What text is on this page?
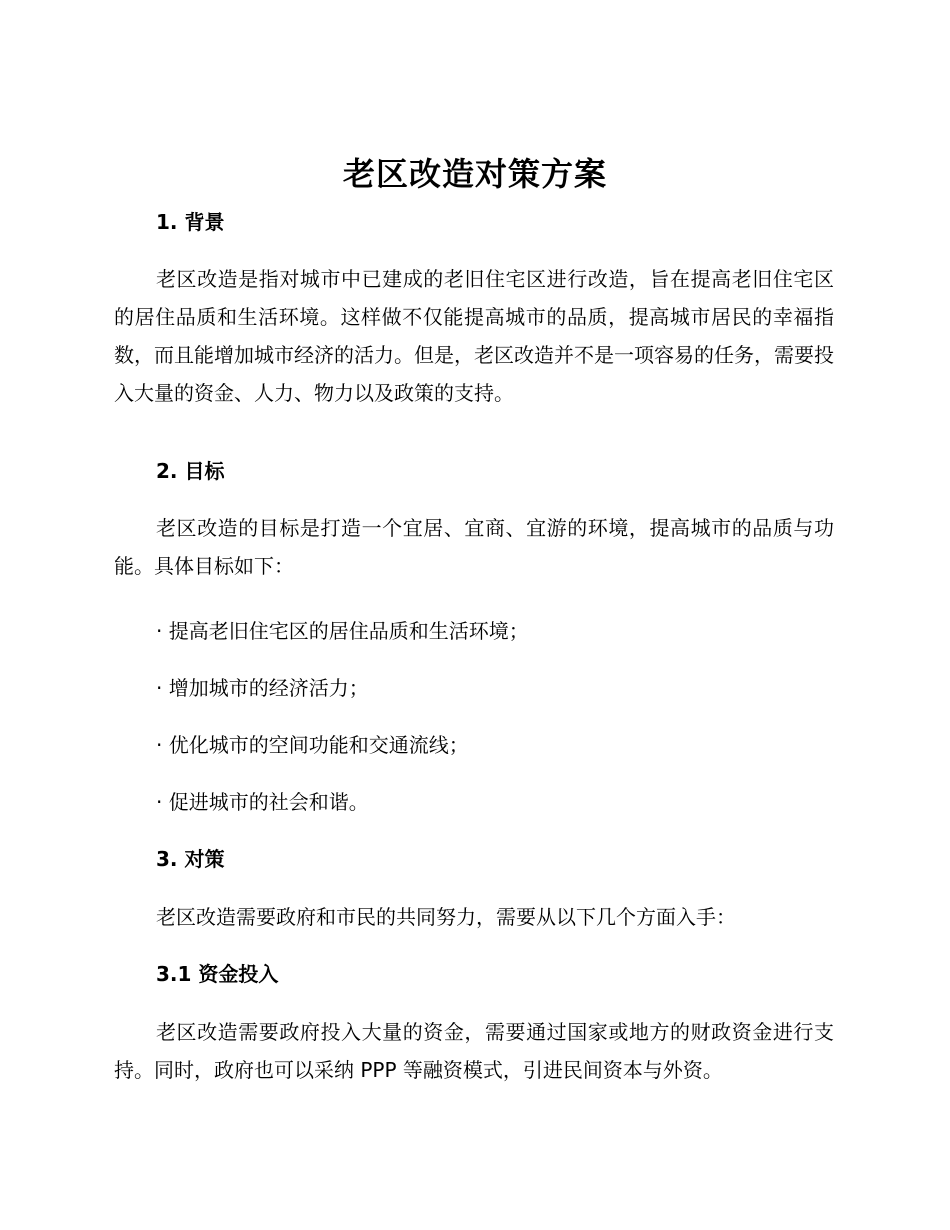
老区改造对策方案
1. 背景
老区改造是指对城市中已建成的老旧住宅区进行改造，旨在提高老旧住宅区的居住品质和生活环境。这样做不仅能提高城市的品质，提高城市居民的幸福指数，而且能增加城市经济的活力。但是，老区改造并不是一项容易的任务，需要投入大量的资金、人力、物力以及政策的支持。
2. 目标
老区改造的目标是打造一个宜居、宜商、宜游的环境，提高城市的品质与功能。具体目标如下：
· 提高老旧住宅区的居住品质和生活环境；
· 增加城市的经济活力；
· 优化城市的空间功能和交通流线；
· 促进城市的社会和谐。
3. 对策
老区改造需要政府和市民的共同努力，需要从以下几个方面入手：
3.1 资金投入
老区改造需要政府投入大量的资金，需要通过国家或地方的财政资金进行支持。同时，政府也可以采纳 PPP 等融资模式，引进民间资本与外资。
